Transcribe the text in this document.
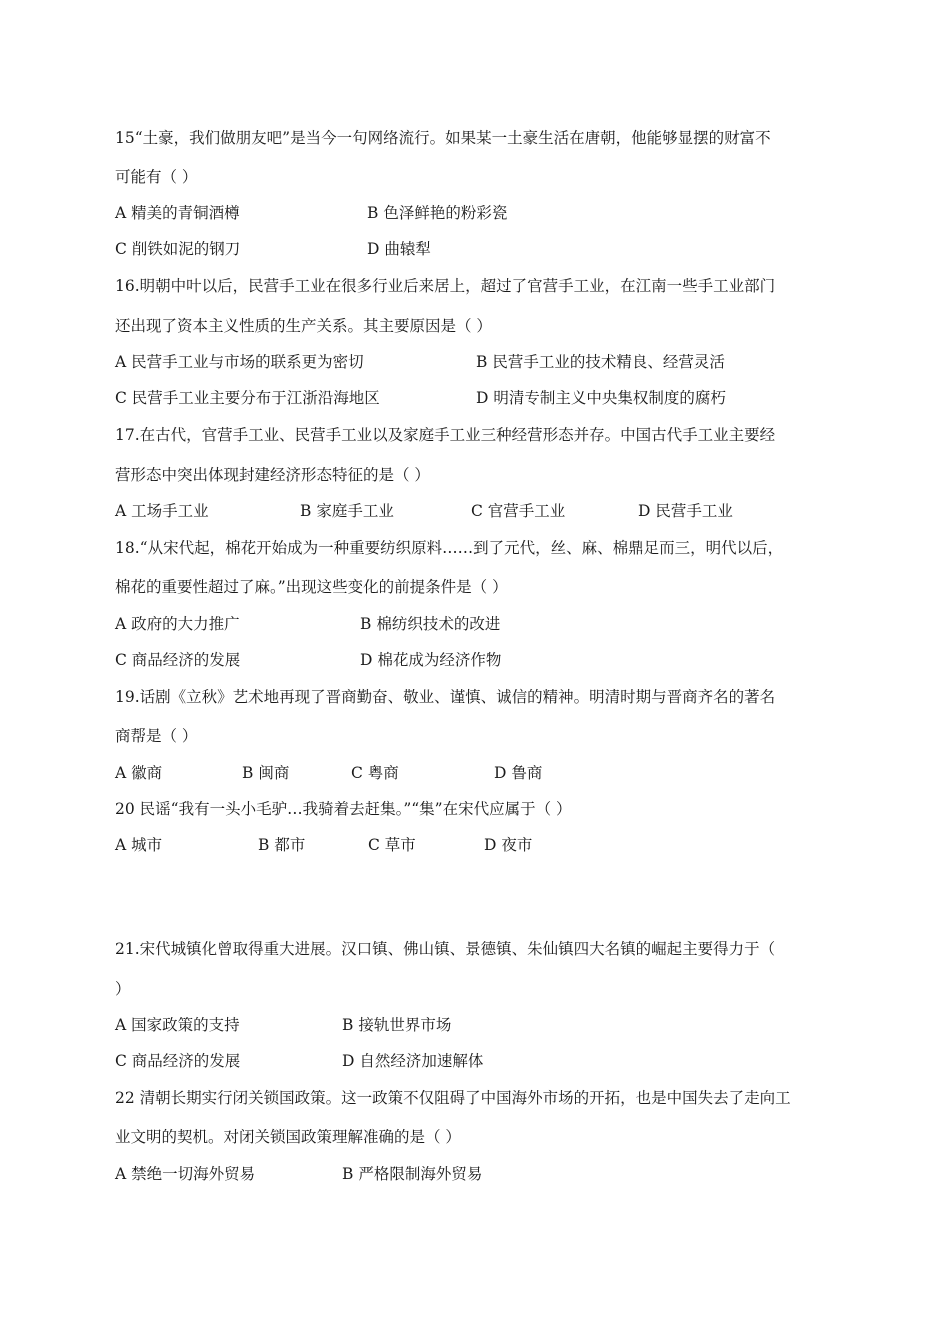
15“土豪，我们做朋友吧”是当今一句网络流行。如果某一土豪生活在唐朝，他能够显摆的财富不
可能有（ ）
A 精美的青铜酒樽	B 色泽鲜艳的粉彩瓷
C 削铁如泥的钢刀	D 曲辕犁
16.明朝中叶以后，民营手工业在很多行业后来居上，超过了官营手工业，在江南一些手工业部门
还出现了资本主义性质的生产关系。其主要原因是（ ）
A 民营手工业与市场的联系更为密切	B 民营手工业的技术精良、经营灵活
C 民营手工业主要分布于江浙沿海地区	D 明清专制主义中央集权制度的腐朽
17.在古代，官营手工业、民营手工业以及家庭手工业三种经营形态并存。中国古代手工业主要经
营形态中突出体现封建经济形态特征的是（ ）
A 工场手工业	B 家庭手工业	C 官营手工业	D 民营手工业
18.“从宋代起，棉花开始成为一种重要纺织原料……到了元代，丝、麻、棉鼎足而三，明代以后，
棉花的重要性超过了麻。”出现这些变化的前提条件是（ ）
A 政府的大力推广	B 棉纺织技术的改进
C 商品经济的发展	D 棉花成为经济作物
19.话剧《立秋》艺术地再现了晋商勤奋、敬业、谨慎、诚信的精神。明清时期与晋商齐名的著名
商帮是（ ）
A 徽商	B 闽商	C 粤商	D 鲁商
20 民谣“我有一头小毛驴…我骑着去赶集。”“集”在宋代应属于（ ）
A 城市	B 都市	C 草市	D 夜市
21.宋代城镇化曾取得重大进展。汉口镇、佛山镇、景德镇、朱仙镇四大名镇的崛起主要得力于（
）
A 国家政策的支持	B 接轨世界市场
C 商品经济的发展	D 自然经济加速解体
22 清朝长期实行闭关锁国政策。这一政策不仅阻碍了中国海外市场的开拓，也是中国失去了走向工
业文明的契机。对闭关锁国政策理解准确的是（ ）
A 禁绝一切海外贸易	B 严格限制海外贸易
